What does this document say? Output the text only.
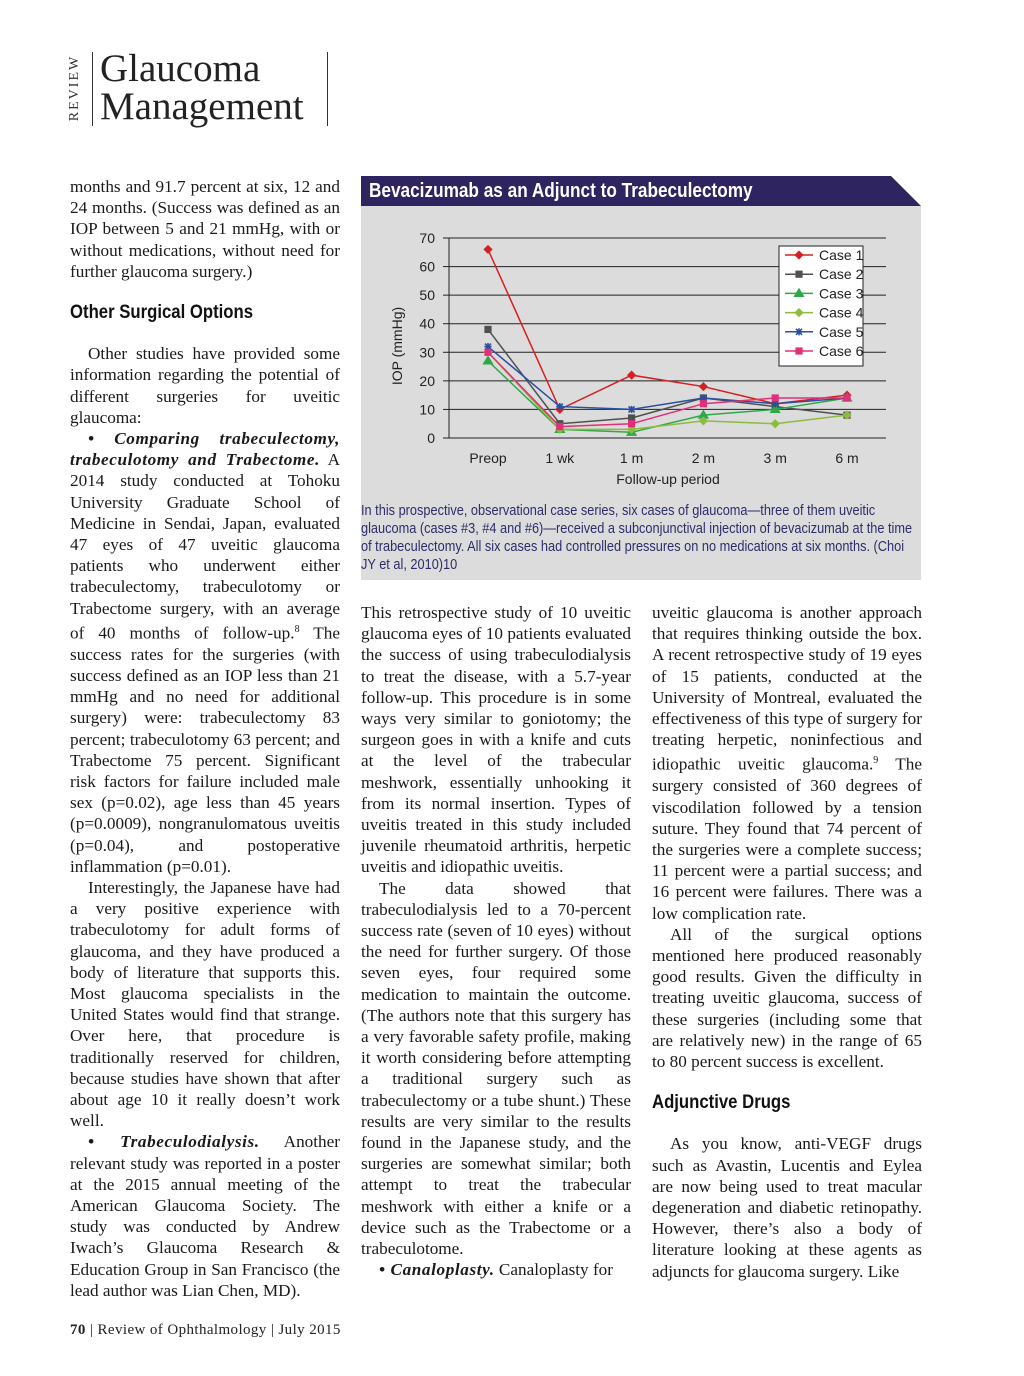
REVIEW Glaucoma
Management

months and 91.7 percent at six, 12 and 24 months. (Success was defined as an IOP between 5 and 21 mmHg, with or without medications, without need for further glaucoma surgery.)

Other Surgical Options

Other studies have provided some information regarding the potential of different surgeries for uveitic glaucoma:

• Comparing trabeculectomy, trabeculotomy and Trabectome. A 2014 study conducted at Tohoku University Graduate School of Medicine in Sendai, Japan, evaluated 47 eyes of 47 uveitic glaucoma patients who underwent either trabeculectomy, trabeculotomy or Trabectome surgery, with an average of 40 months of follow-up.$^8$ The success rates for the surgeries (with success defined as an IOP less than 21 mmHg and no need for additional surgery) were: trabeculectomy 83 percent; trabeculotomy 63 percent; and Trabectome 75 percent. Significant risk factors for failure included male sex (p=0.02), age less than 45 years (p=0.0009), nongranulomatous uveitis (p=0.04), and postoperative inflammation (p=0.01).

Interestingly, the Japanese have had a very positive experience with trabeculotomy for adult forms of glaucoma, and they have produced a body of literature that supports this. Most glaucoma specialists in the United States would find that strange. Over here, that procedure is traditionally reserved for children, because studies have shown that after about age 10 it really doesn’t work well.

• Trabeculodialysis. Another relevant study was reported in a poster at the 2015 annual meeting of the American Glaucoma Society. The study was conducted by Andrew Iwach’s Glaucoma Research & Education Group in San Francisco (the lead author was Lian Chen, MD).

Bevacizumab as an Adjunct to Trabeculectomy
IOP (mmHg)
Follow-up period
0
10
20
30
40
50
60
70
Preop	1 wk	1 m	2 m	3 m	6 m
Case 1
Case 2
Case 3
Case 4
Case 5
Case 6
In this prospective, observational case series, six cases of glaucoma—three of them uveitic glaucoma (cases #3, #4 and #6)—received a subconjunctival injection of bevacizumab at the time of trabeculectomy. All six cases had controlled pressures on no medications at six months. (Choi JY et al, 2010)10

This retrospective study of 10 uveitic glaucoma eyes of 10 patients evaluated the success of using trabeculodialysis to treat the disease, with a 5.7-year follow-up. This procedure is in some ways very similar to goniotomy; the surgeon goes in with a knife and cuts at the level of the trabecular meshwork, essentially unhooking it from its normal insertion. Types of uveitis treated in this study included juvenile rheumatoid arthritis, herpetic uveitis and idiopathic uveitis.

The data showed that trabeculodialysis led to a 70-percent success rate (seven of 10 eyes) without the need for further surgery. Of those seven eyes, four required some medication to maintain the outcome. (The authors note that this surgery has a very favorable safety profile, making it worth considering before attempting a traditional surgery such as trabeculectomy or a tube shunt.) These results are very similar to the results found in the Japanese study, and the surgeries are somewhat similar; both attempt to treat the trabecular meshwork with either a knife or a device such as the Trabectome or a trabeculotome.

• Canaloplasty. Canaloplasty for

uveitic glaucoma is another approach that requires thinking outside the box. A recent retrospective study of 19 eyes of 15 patients, conducted at the University of Montreal, evaluated the effectiveness of this type of surgery for treating herpetic, noninfectious and idiopathic uveitic glaucoma.$^9$ The surgery consisted of 360 degrees of viscodilation followed by a tension suture. They found that 74 percent of the surgeries were a complete success; 11 percent were a partial success; and 16 percent were failures. There was a low complication rate.

All of the surgical options mentioned here produced reasonably good results. Given the difficulty in treating uveitic glaucoma, success of these surgeries (including some that are relatively new) in the range of 65 to 80 percent success is excellent.

Adjunctive Drugs

As you know, anti-VEGF drugs such as Avastin, Lucentis and Eylea are now being used to treat macular degeneration and diabetic retinopathy. However, there’s also a body of literature looking at these agents as adjuncts for glaucoma surgery. Like

70 | Review of Ophthalmology | July 2015
